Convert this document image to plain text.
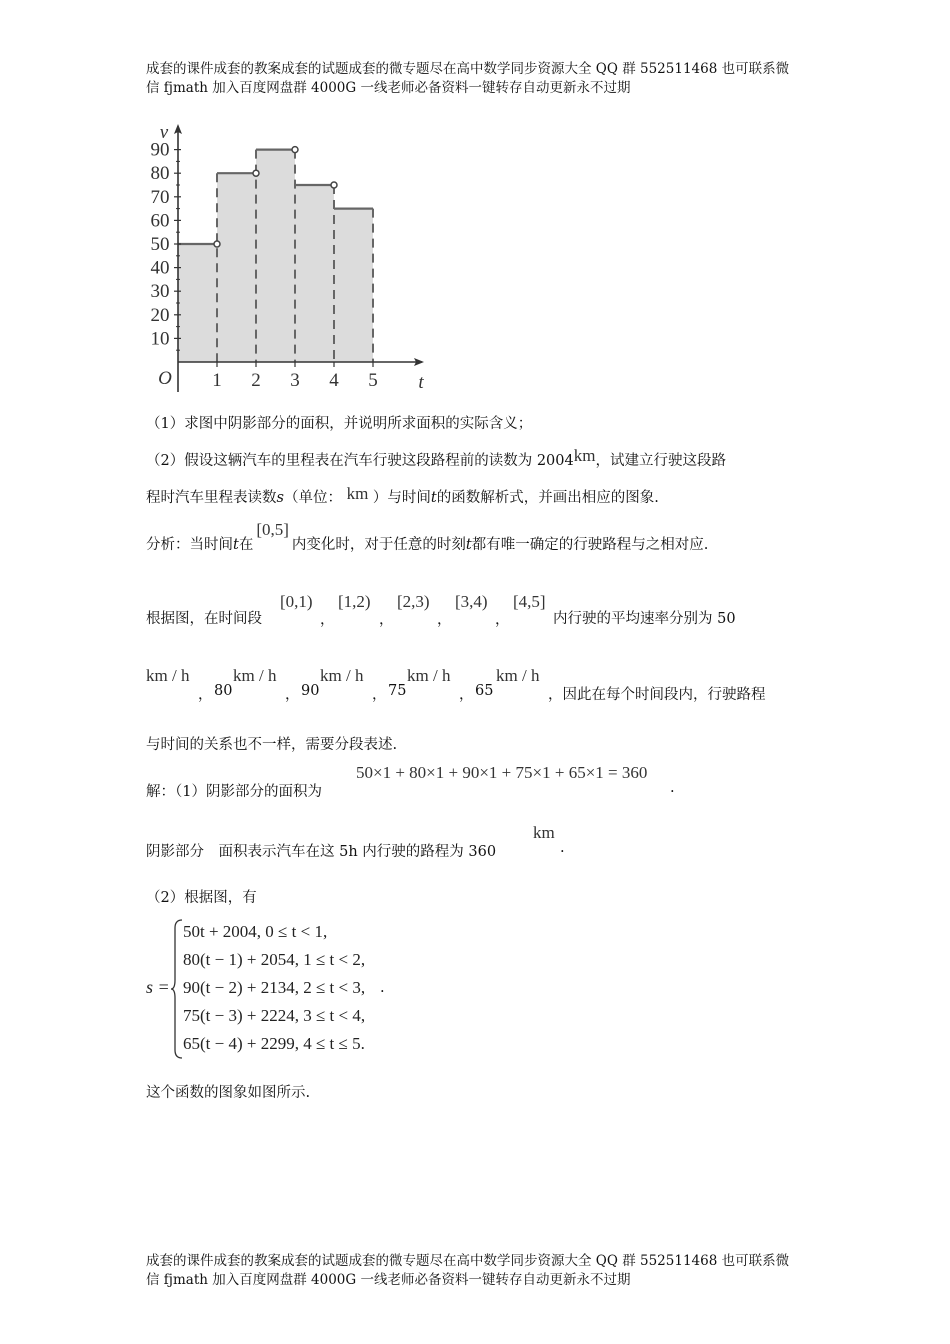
成套的课件成套的教案成套的试题成套的微专题尽在高中数学同步资源大全 QQ 群 552511468 也可联系微
信 fjmath 加入百度网盘群 4000G 一线老师必备资料一键转存自动更新永不过期
10
20
30
40
50
60
70
80
90
1 2 3 4 5
O	t
v
（1）求图中阴影部分的面积，并说明所求面积的实际含义；
（2）假设这辆汽车的里程表在汽车行驶这段路程前的读数为 2004km，试建立行驶这段路
程时汽车里程表读数s（单位： km ）与时间t的函数解析式，并画出相应的图象.
分析：当时间t在[0,5]内变化时，对于任意的时刻t都有唯一确定的行驶路程与之相对应.
根据图，在时间段
[0,1)
，
[1,2)
，
[2,3)
，
[3,4)
，
[4,5]
内行驶的平均速率分别为 50
km / h
， 80
km / h
， 90
km / h
， 75
km / h
， 65
km / h
，因此在每个时间段内，行驶路程
与时间的关系也不一样，需要分段表述.
解：（1）阴影部分的面积为
50×1 + 80×1 + 90×1 + 75×1 + 65×1 = 360
.
阴影部分　面积表示汽车在这 5h 内行驶的路程为 360
km
.
（2）根据图，有
s =
50t + 2004, 0 ≤ t < 1,
80(t − 1) + 2054, 1 ≤ t < 2,
90(t − 2) + 2134, 2 ≤ t < 3,
75(t − 3) + 2224, 3 ≤ t < 4,
65(t − 4) + 2299, 4 ≤ t ≤ 5.
.
这个函数的图象如图所示.
成套的课件成套的教案成套的试题成套的微专题尽在高中数学同步资源大全 QQ 群 552511468 也可联系微
信 fjmath 加入百度网盘群 4000G 一线老师必备资料一键转存自动更新永不过期
